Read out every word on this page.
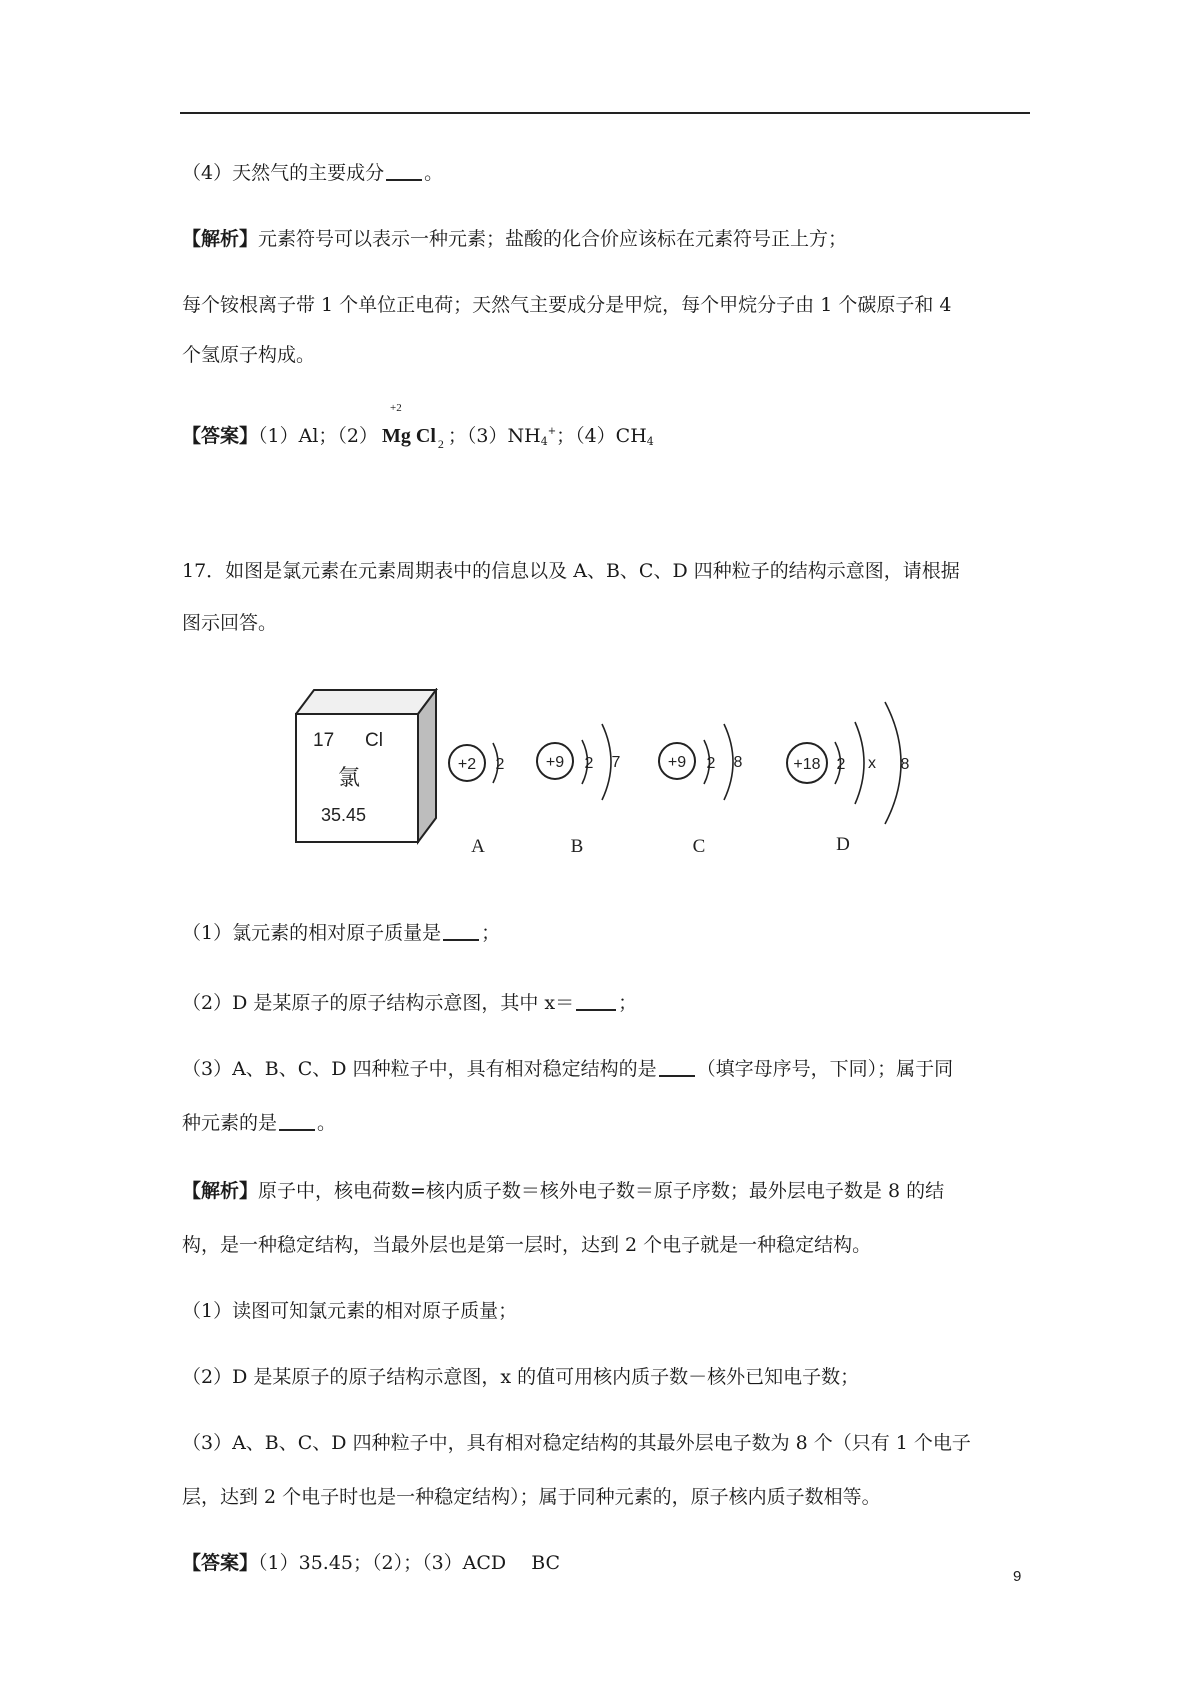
（4）天然气的主要成分 。
【解析】元素符号可以表示一种元素；盐酸的化合价应该标在元素符号正上方；
每个铵根离子带 1 个单位正电荷；天然气主要成分是甲烷，每个甲烷分子由 1 个碳原子和 4
个氢原子构成。
【答案】（1）Al；（2）
+2
Mg Cl $_2$ ；$(3)NH_4^+$；$(4)CH_4$
17．如图是氯元素在元素周期表中的信息以及 A、B、C、D 四种粒子的结构示意图，请根据
图示回答。
17 Cl
氯
35.45
+2 2
A
+9 2 7
B
+9 2 8
C
+18 2 x 8
D
（1）氯元素的相对原子质量是 ；
（2）D 是某原子的原子结构示意图，其中 x＝ ；
（3）A、B、C、D 四种粒子中，具有相对稳定结构的是 （填字母序号，下同）；属于同
种元素的是 。
【解析】原子中，核电荷数=核内质子数＝核外电子数＝原子序数；最外层电子数是 8 的结
构，是一种稳定结构，当最外层也是第一层时，达到 2 个电子就是一种稳定结构。
（1）读图可知氯元素的相对原子质量；
（2）D 是某原子的原子结构示意图，x 的值可用核内质子数－核外已知电子数；
（3）A、B、C、D 四种粒子中，具有相对稳定结构的其最外层电子数为 8 个（只有 1 个电子
层，达到 2 个电子时也是一种稳定结构）；属于同种元素的，原子核内质子数相等。
【答案】（1）35.45；（2）；（3）ACD　 BC
9
